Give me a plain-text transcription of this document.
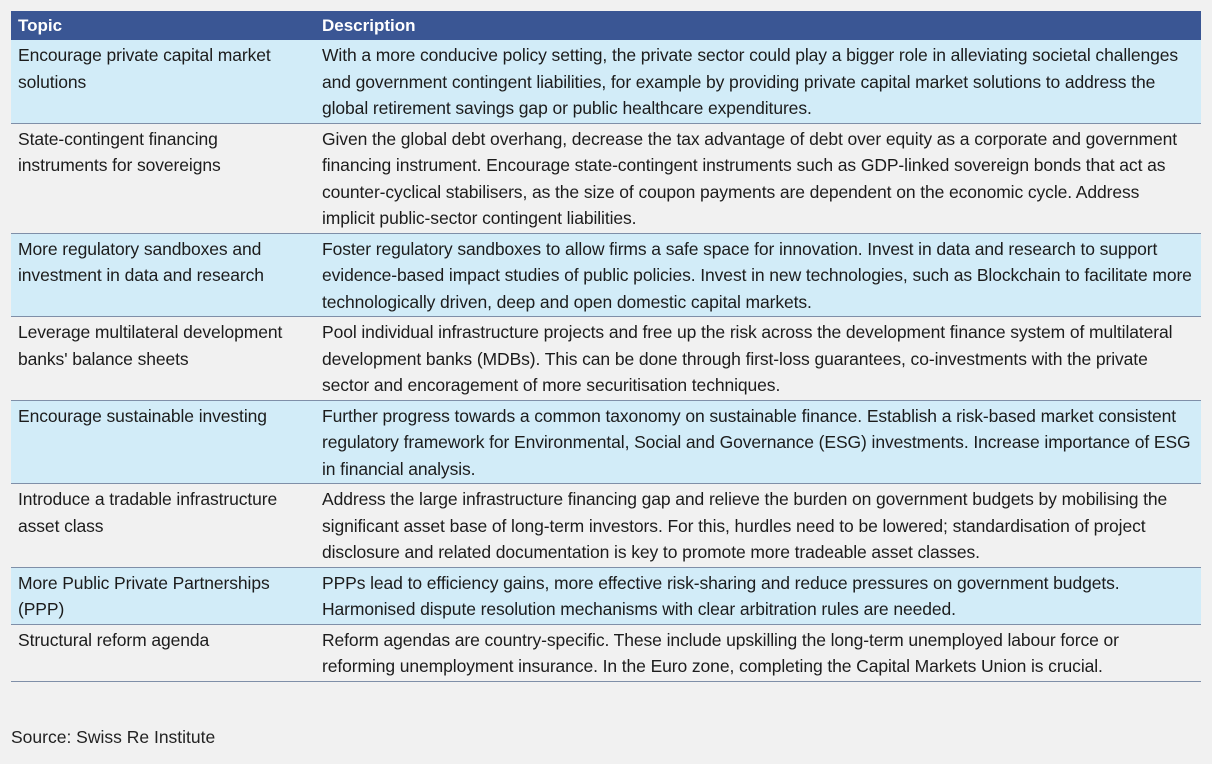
Topic	Description
Encourage private capital market solutions	With a more conducive policy setting, the private sector could play a bigger role in alleviating societal challenges and government contingent liabilities, for example by providing private capital market solutions to address the global retirement savings gap or public healthcare expenditures.
State-contingent financing instruments for sovereigns	Given the global debt overhang, decrease the tax advantage of debt over equity as a corporate and government financing instrument. Encourage state-contingent instruments such as GDP-linked sovereign bonds that act as counter-cyclical stabilisers, as the size of coupon payments are dependent on the economic cycle. Address implicit public-sector contingent liabilities.
More regulatory sandboxes and investment in data and research	Foster regulatory sandboxes to allow firms a safe space for innovation. Invest in data and research to support evidence-based impact studies of public policies. Invest in new technologies, such as Blockchain to facilitate more technologically driven, deep and open domestic capital markets.
Leverage multilateral development banks' balance sheets	Pool individual infrastructure projects and free up the risk across the development finance system of multilateral development banks (MDBs). This can be done through first-loss guarantees, co-investments with the private sector and encoragement of more securitisation techniques.
Encourage sustainable investing	Further progress towards a common taxonomy on sustainable finance. Establish a risk-based market consistent regulatory framework for Environmental, Social and Governance (ESG) investments. Increase importance of ESG in financial analysis.
Introduce a tradable infrastructure asset class	Address the large infrastructure financing gap and relieve the burden on government budgets by mobilising the significant asset base of long-term investors. For this, hurdles need to be lowered; standardisation of project disclosure and related documentation is key to promote more tradeable asset classes.
More Public Private Partnerships (PPP)	PPPs lead to efficiency gains, more effective risk-sharing and reduce pressures on government budgets. Harmonised dispute resolution mechanisms with clear arbitration rules are needed.
Structural reform agenda	Reform agendas are country-specific. These include upskilling the long-term unemployed labour force or reforming unemployment insurance. In the Euro zone, completing the Capital Markets Union is crucial.
Source: Swiss Re Institute
